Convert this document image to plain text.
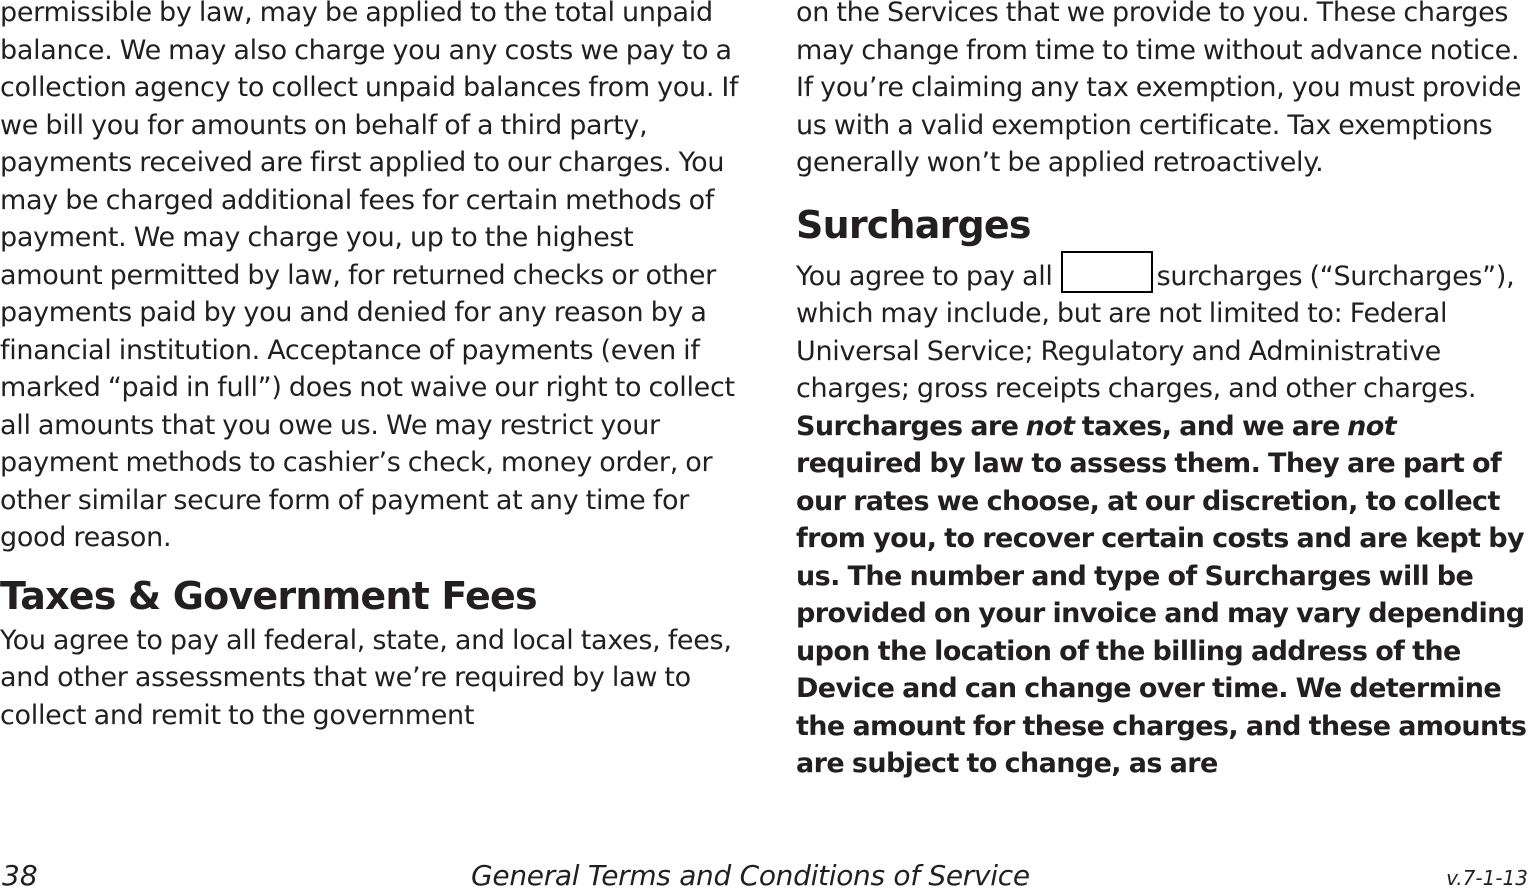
permissible by law, may be applied to the total unpaid balance. We may also charge you any costs we pay to a collection agency to collect unpaid balances from you. If we bill you for amounts on behalf of a third party, payments received are first applied to our charges. You may be charged additional fees for certain methods of payment. We may charge you, up to the highest amount permitted by law, for returned checks or other payments paid by you and denied for any reason by a financial institution. Acceptance of payments (even if marked “paid in full”) does not waive our right to collect all amounts that you owe us. We may restrict your payment methods to cashier’s check, money order, or other similar secure form of payment at any time for good reason.

Taxes & Government Fees

You agree to pay all federal, state, and local taxes, fees, and other assessments that we’re required by law to collect and remit to the government

on the Services that we provide to you. These charges may change from time to time without advance notice. If you’re claiming any tax exemption, you must provide us with a valid exemption certificate. Tax exemptions generally won’t be applied retroactively.

Surcharges

You agree to pay all	surcharges (“Surcharges”), which may include, but are not limited to: Federal Universal Service; Regulatory and Administrative charges; gross receipts charges, and other charges. Surcharges are not taxes, and we are not required by law to assess them. They are part of our rates we choose, at our discretion, to collect from you, to recover certain costs and are kept by us. The number and type of Surcharges will be provided on your invoice and may vary depending upon the location of the billing address of the Device and can change over time. We determine the amount for these charges, and these amounts are subject to change, as are

38	General Terms and Conditions of Service	v.7-1-13
